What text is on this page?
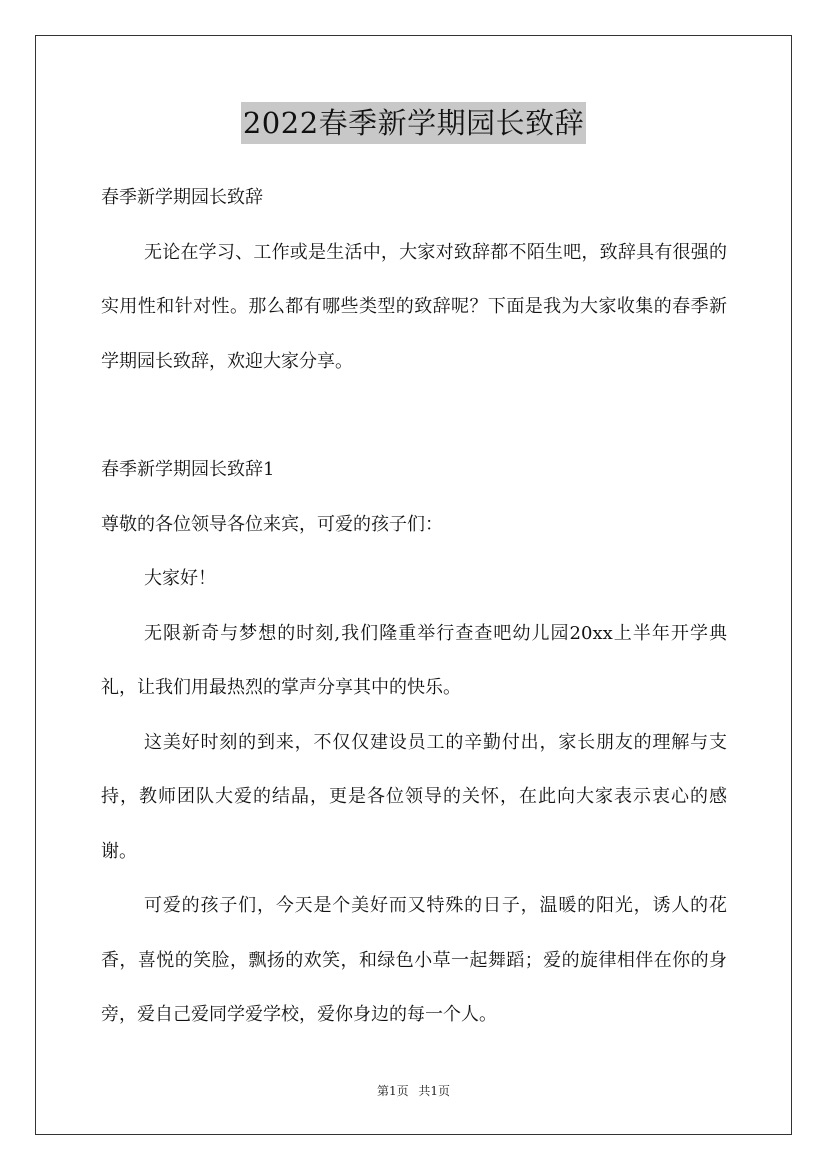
2022春季新学期园长致辞

春季新学期园长致辞

无论在学习、工作或是生活中，大家对致辞都不陌生吧，致辞具有很强的实用性和针对性。那么都有哪些类型的致辞呢？下面是我为大家收集的春季新学期园长致辞，欢迎大家分享。

春季新学期园长致辞1

尊敬的各位领导各位来宾，可爱的孩子们：

大家好！

无限新奇与梦想的时刻,我们隆重举行查查吧幼儿园20xx上半年开学典礼，让我们用最热烈的掌声分享其中的快乐。

这美好时刻的到来，不仅仅建设员工的辛勤付出，家长朋友的理解与支持，教师团队大爱的结晶，更是各位领导的关怀，在此向大家表示衷心的感谢。

可爱的孩子们，今天是个美好而又特殊的日子，温暖的阳光，诱人的花香，喜悦的笑脸，飘扬的欢笑，和绿色小草一起舞蹈；爱的旋律相伴在你的身旁，爱自己爱同学爱学校，爱你身边的每一个人。

第1页 共1页
